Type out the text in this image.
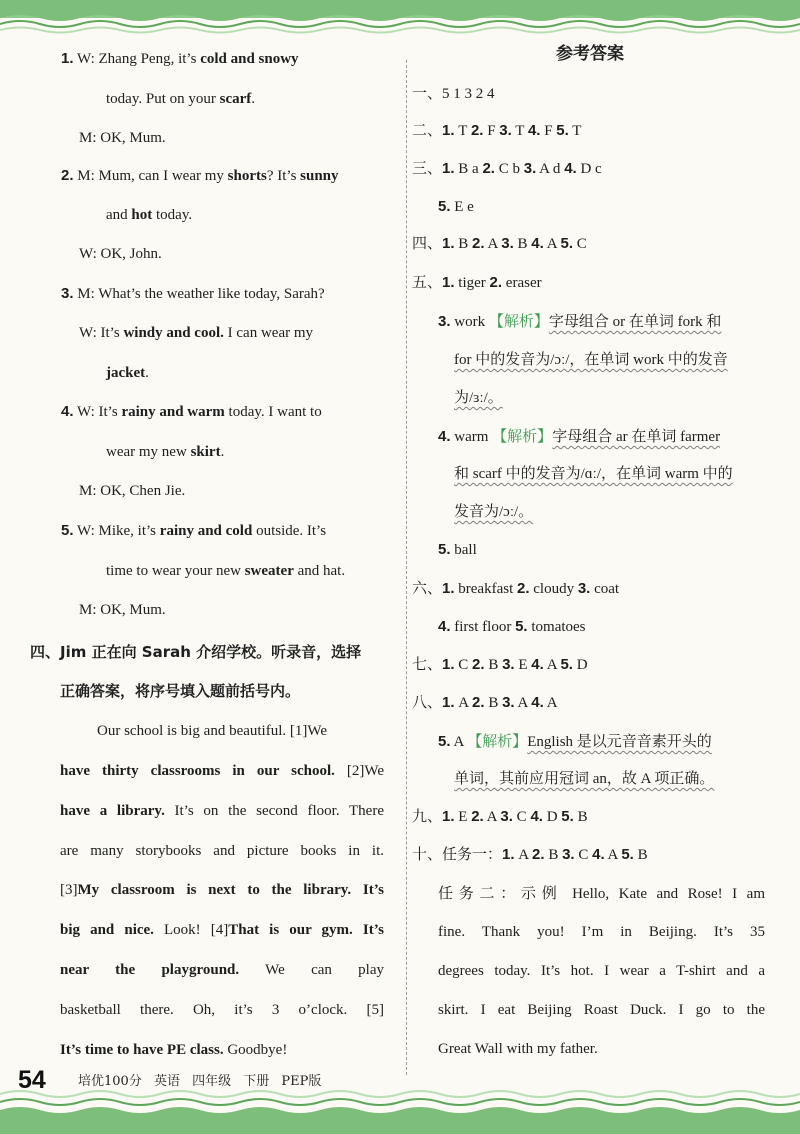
1. W: Zhang Peng, it’s cold and snowy
today. Put on your scarf.
M: OK, Mum.
2. M: Mum, can I wear my shorts? It’s sunny
and hot today.
W: OK, John.
3. M: What’s the weather like today, Sarah?
W: It’s windy and cool. I can wear my
jacket.
4. W: It’s rainy and warm today. I want to
wear my new skirt.
M: OK, Chen Jie.
5. W: Mike, it’s rainy and cold outside. It’s
time to wear your new sweater and hat.
M: OK, Mum.
四、Jim 正在向 Sarah 介绍学校。听录音，选择
正确答案，将序号填入题前括号内。
Our school is big and beautiful. [1]We
have thirty classrooms in our school. [2]We
have a library. It’s on the second floor. There
are many storybooks and picture books in it.
[3]My classroom is next to the library. It’s
big and nice. Look! [4]That is our gym. It’s
near the playground. We can play
basketball there. Oh, it’s 3 o’clock. [5]
It’s time to have PE class. Goodbye!
参考答案
一、5 1 3 2 4
二、1. T 2. F 3. T 4. F 5. T
三、1. B a 2. C b 3. A d 4. D c
5. E e
四、1. B 2. A 3. B 4. A 5. C
五、1. tiger 2. eraser
3. work 【解析】字母组合 or 在单词 fork 和
for 中的发音为/ɔː/，在单词 work 中的发音
为/ɜː/。
4. warm 【解析】字母组合 ar 在单词 farmer
和 scarf 中的发音为/ɑː/，在单词 warm 中的
发音为/ɔː/。
5. ball
六、1. breakfast 2. cloudy 3. coat
4. first floor 5. tomatoes
七、1. C 2. B 3. E 4. A 5. D
八、1. A 2. B 3. A 4. A
5. A 【解析】English 是以元音音素开头的
单词，其前应用冠词 an，故 A 项正确。
九、1. E 2. A 3. C 4. D 5. B
十、任务一：1. A 2. B 3. C 4. A 5. B
任务二：示例 Hello, Kate and Rose! I am
fine. Thank you! I’m in Beijing. It’s 35
degrees today. It’s hot. I wear a T-shirt and a
skirt. I eat Beijing Roast Duck. I go to the
Great Wall with my father.
54 培优100分 英语 四年级 下册 PEP版
